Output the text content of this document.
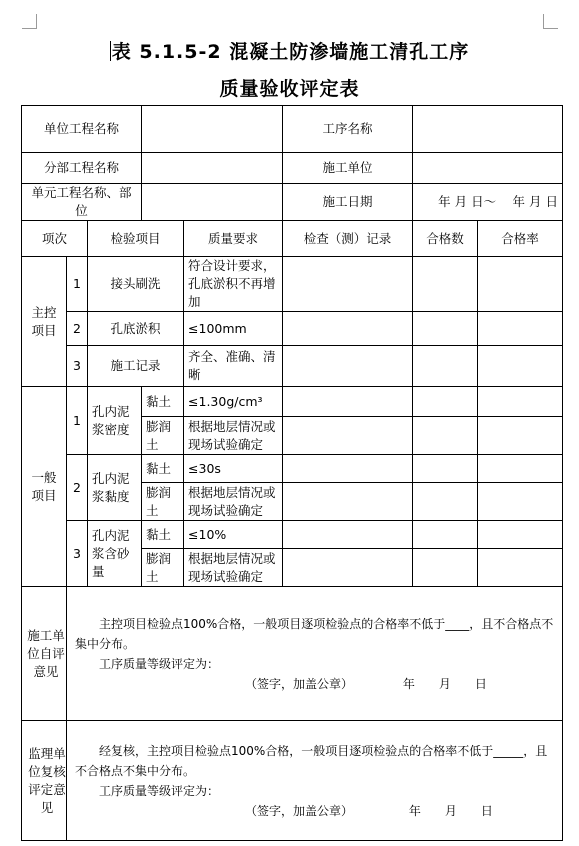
表 5.1.5-2 混凝土防渗墙施工清孔工序
质量验收评定表
单位工程名称					工序名称		
分部工程名称					施工单位		
单元工程名称、部位					施工日期	年 月 日～　 年 月 日	
项次		检验项目		质量要求	检查（测）记录	合格数	合格率

主控项目	1	接头刷洗		符合设计要求，孔底淤积不再增加			
	2	孔底淤积		≤100mm			
	3	施工记录		齐全、准确、清晰			

一般项目	1	孔内泥浆密度	黏土	≤1.30g/cm³			
			膨润土	根据地层情况或现场试验确定			
	2	孔内泥浆黏度	黏土	≤30s			
			膨润土	根据地层情况或现场试验确定			
	3	孔内泥浆含砂量	黏土	≤10%			
			膨润土	根据地层情况或现场试验确定			

施工单位自评意见	主控项目检验点100%合格，一般项目逐项检验点的合格率不低于____，且不合格点不集中分布。
工序质量等级评定为：
（签字，加盖公章） 年　　月　　日						

监理单位复核评定意见	经复核，主控项目检验点100%合格，一般项目逐项检验点的合格率不低于_____，且不合格点不集中分布。
工序质量等级评定为：
（签字，加盖公章） 年　　月　　日						
